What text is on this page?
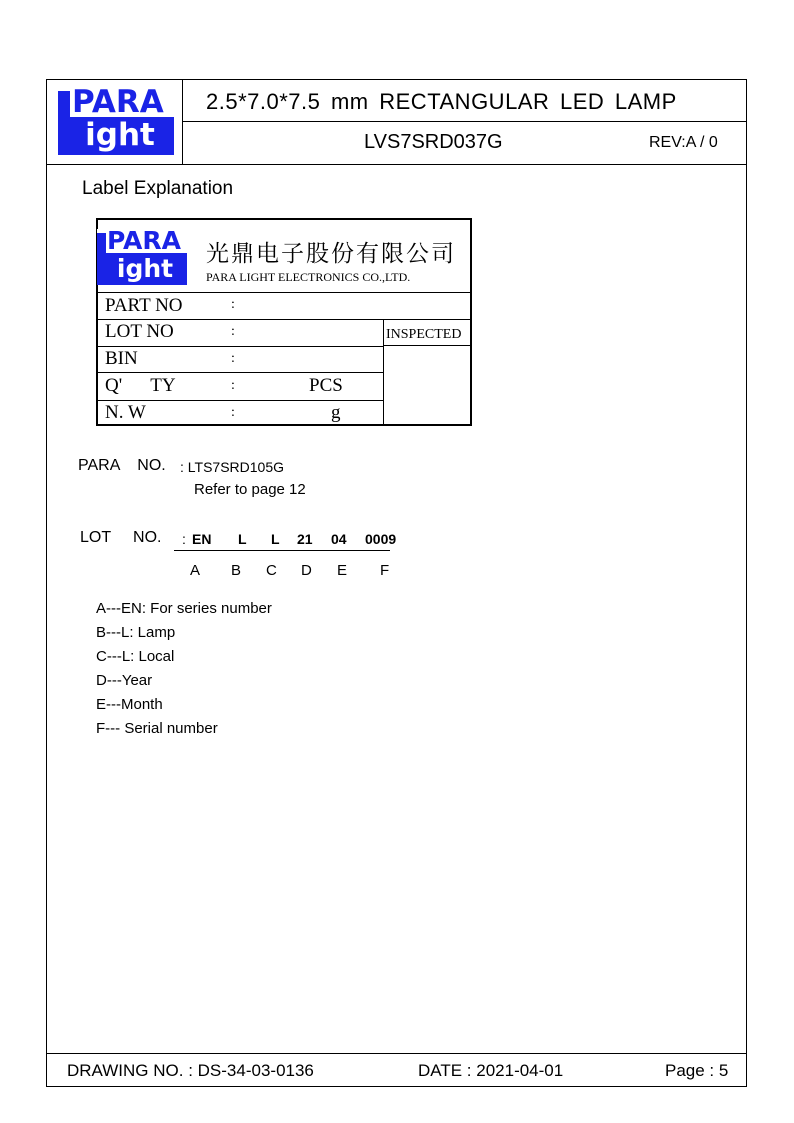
PARA
ight
2.5*7.0*7.5 mm RECTANGULAR LED LAMP
LVS7SRD037G	REV:A / 0
Label Explanation
PARA
ight
光鼎电子股份有限公司
PARA LIGHT ELECTRONICS CO.,LTD.
PART NO	:
LOT NO	:	INSPECTED
BIN	:
Q'      TY	:	PCS
N. W	:	g
PARA    NO. : LTS7SRD105G
Refer to page 12
LOT     NO. : EN L L 21 04 0009
A B C D E F
A---EN: For series number
B---L: Lamp
C---L: Local
D---Year
E---Month
F--- Serial number
DRAWING NO. : DS-34-03-0136	DATE : 2021-04-01	Page : 5
